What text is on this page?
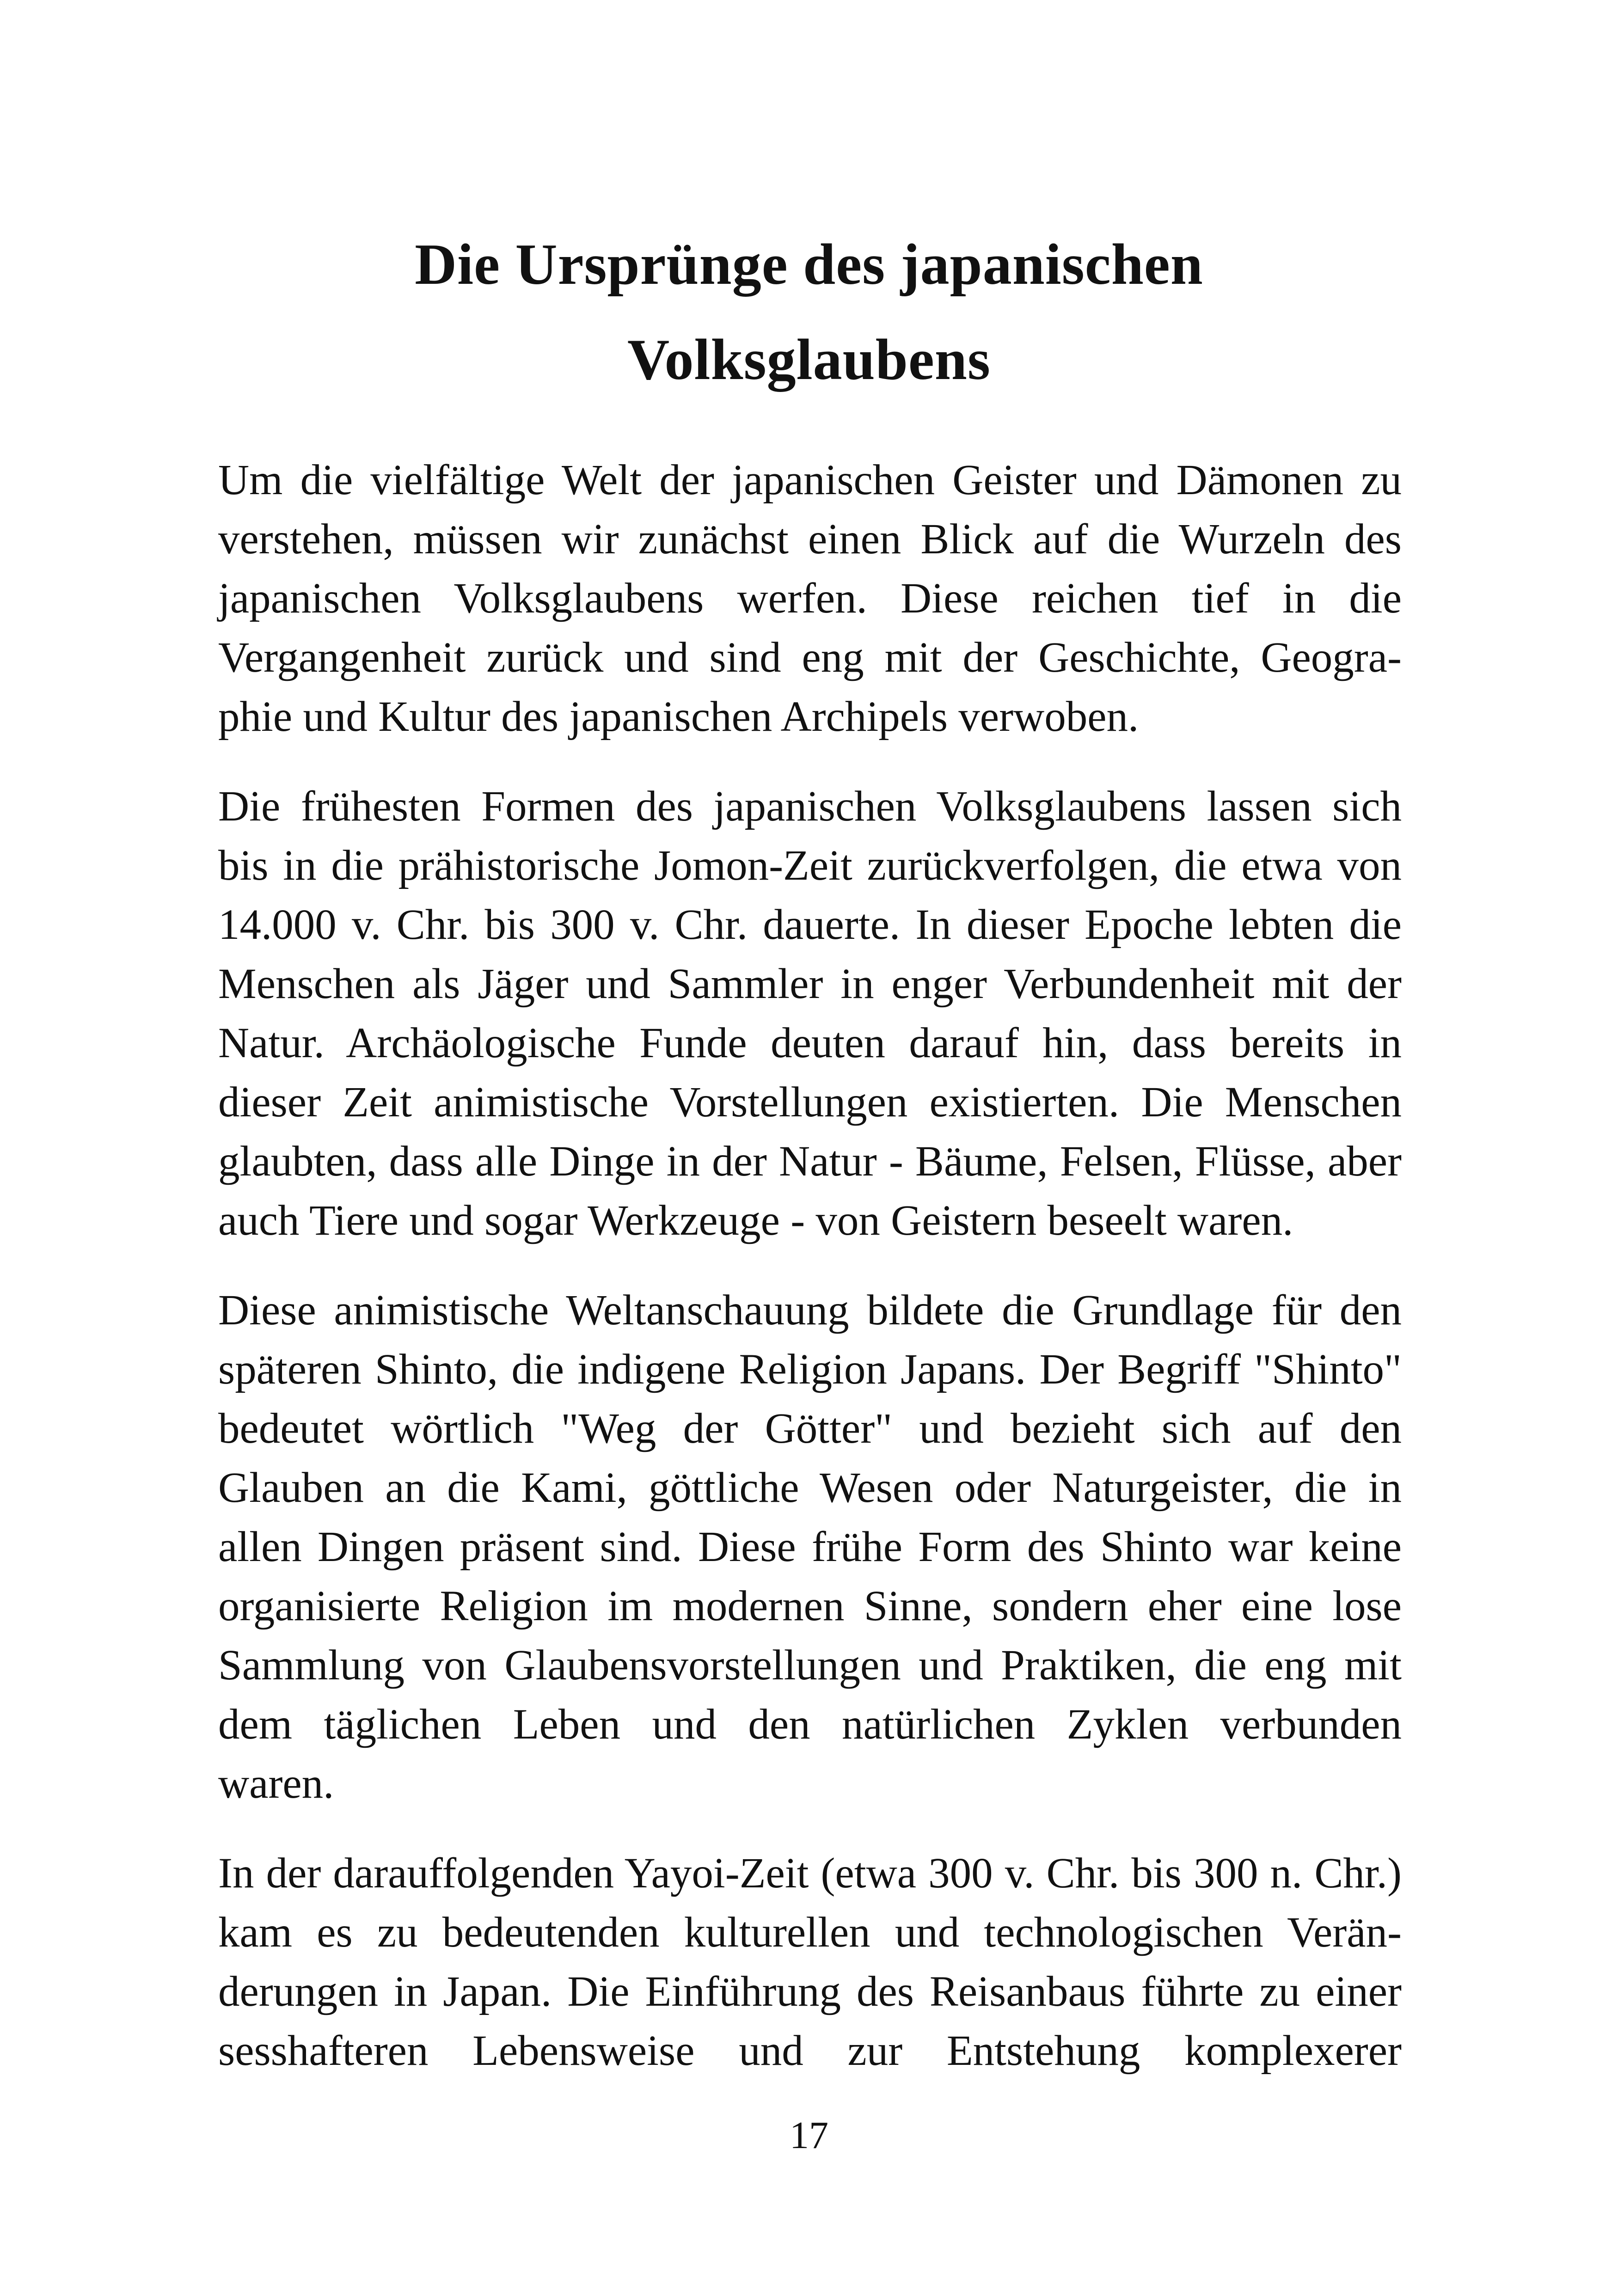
Die Ursprünge des japanischen
Volksglaubens

Um die vielfältige Welt der japanischen Geister und Dämonen zu
verstehen, müssen wir zunächst einen Blick auf die Wurzeln des
japanischen Volksglaubens werfen. Diese reichen tief in die
Vergangenheit zurück und sind eng mit der Geschichte, Geogra-
phie und Kultur des japanischen Archipels verwoben.

Die frühesten Formen des japanischen Volksglaubens lassen sich
bis in die prähistorische Jomon-Zeit zurückverfolgen, die etwa von
14.000 v. Chr. bis 300 v. Chr. dauerte. In dieser Epoche lebten die
Menschen als Jäger und Sammler in enger Verbundenheit mit der
Natur. Archäologische Funde deuten darauf hin, dass bereits in
dieser Zeit animistische Vorstellungen existierten. Die Menschen
glaubten, dass alle Dinge in der Natur - Bäume, Felsen, Flüsse, aber
auch Tiere und sogar Werkzeuge - von Geistern beseelt waren.

Diese animistische Weltanschauung bildete die Grundlage für den
späteren Shinto, die indigene Religion Japans. Der Begriff "Shinto"
bedeutet wörtlich "Weg der Götter" und bezieht sich auf den
Glauben an die Kami, göttliche Wesen oder Naturgeister, die in
allen Dingen präsent sind. Diese frühe Form des Shinto war keine
organisierte Religion im modernen Sinne, sondern eher eine lose
Sammlung von Glaubensvorstellungen und Praktiken, die eng mit
dem täglichen Leben und den natürlichen Zyklen verbunden
waren.

In der darauffolgenden Yayoi-Zeit (etwa 300 v. Chr. bis 300 n. Chr.)
kam es zu bedeutenden kulturellen und technologischen Verän-
derungen in Japan. Die Einführung des Reisanbaus führte zu einer
sesshafteren Lebensweise und zur Entstehung komplexerer

17
